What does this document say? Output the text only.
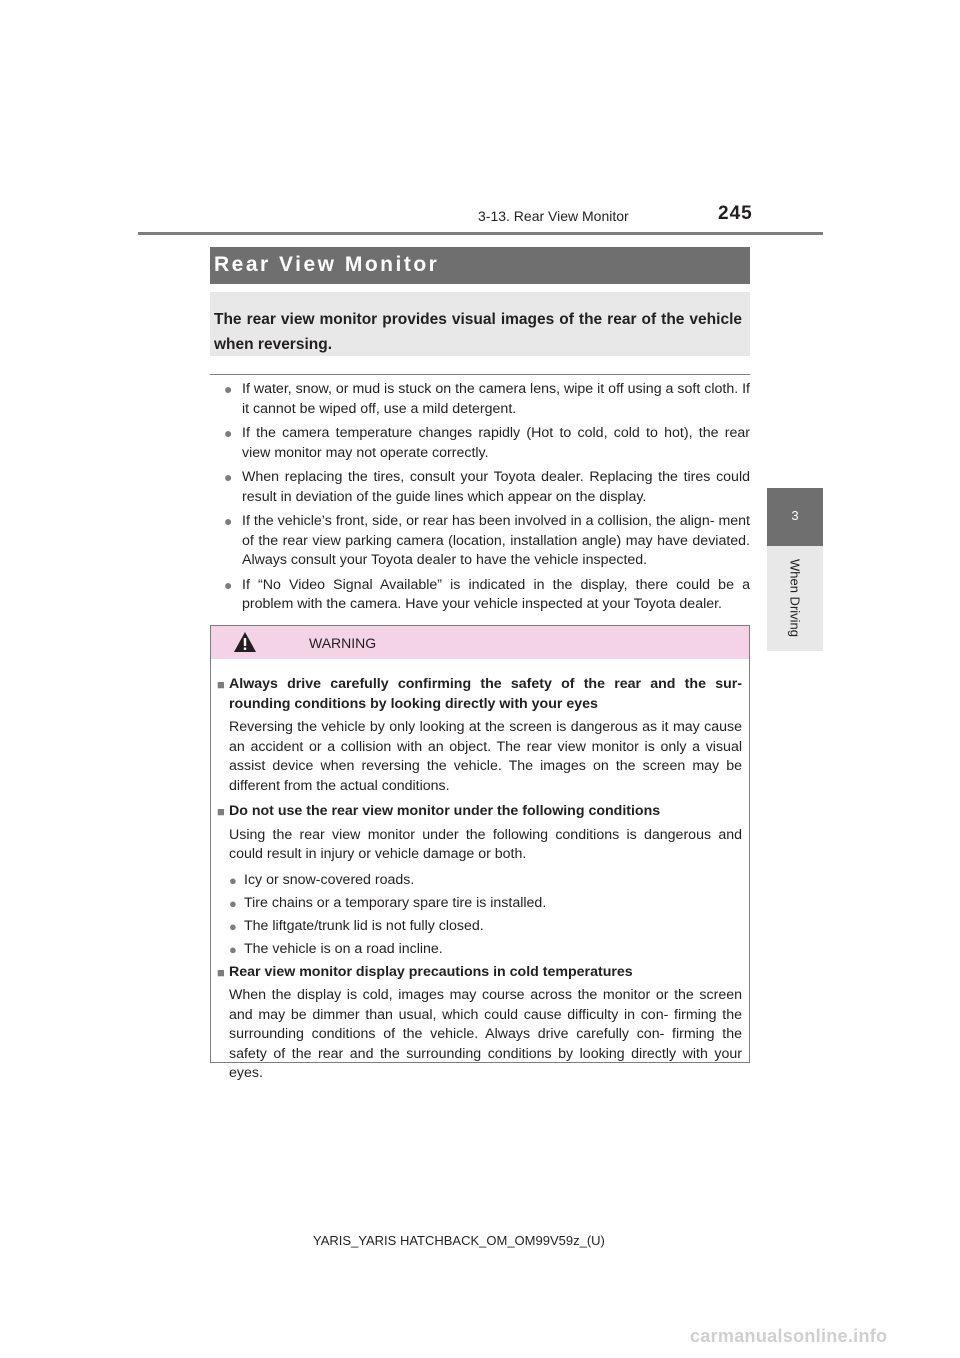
3-13. Rear View Monitor	245
3
When Driving
Rear View Monitor
The rear view monitor provides visual images of the rear of the vehicle when reversing.
● If water, snow, or mud is stuck on the camera lens, wipe it off using a soft cloth. If it cannot be wiped off, use a mild detergent.
● If the camera temperature changes rapidly (Hot to cold, cold to hot), the rear view monitor may not operate correctly.
● When replacing the tires, consult your Toyota dealer. Replacing the tires could result in deviation of the guide lines which appear on the display.
● If the vehicle’s front, side, or rear has been involved in a collision, the align- ment of the rear view parking camera (location, installation angle) may have deviated. Always consult your Toyota dealer to have the vehicle inspected.
● If “No Video Signal Available” is indicated in the display, there could be a problem with the camera. Have your vehicle inspected at your Toyota dealer.
WARNING
■ Always drive carefully confirming the safety of the rear and the sur- rounding conditions by looking directly with your eyes
Reversing the vehicle by only looking at the screen is dangerous as it may cause an accident or a collision with an object. The rear view monitor is only a visual assist device when reversing the vehicle. The images on the screen may be different from the actual conditions.
■ Do not use the rear view monitor under the following conditions
Using the rear view monitor under the following conditions is dangerous and could result in injury or vehicle damage or both.
● Icy or snow-covered roads.
● Tire chains or a temporary spare tire is installed.
● The liftgate/trunk lid is not fully closed.
● The vehicle is on a road incline.
■ Rear view monitor display precautions in cold temperatures
When the display is cold, images may course across the monitor or the screen and may be dimmer than usual, which could cause difficulty in con- firming the surrounding conditions of the vehicle. Always drive carefully con- firming the safety of the rear and the surrounding conditions by looking directly with your eyes.
YARIS_YARIS HATCHBACK_OM_OM99V59z_(U)
carmanualsonline.info
